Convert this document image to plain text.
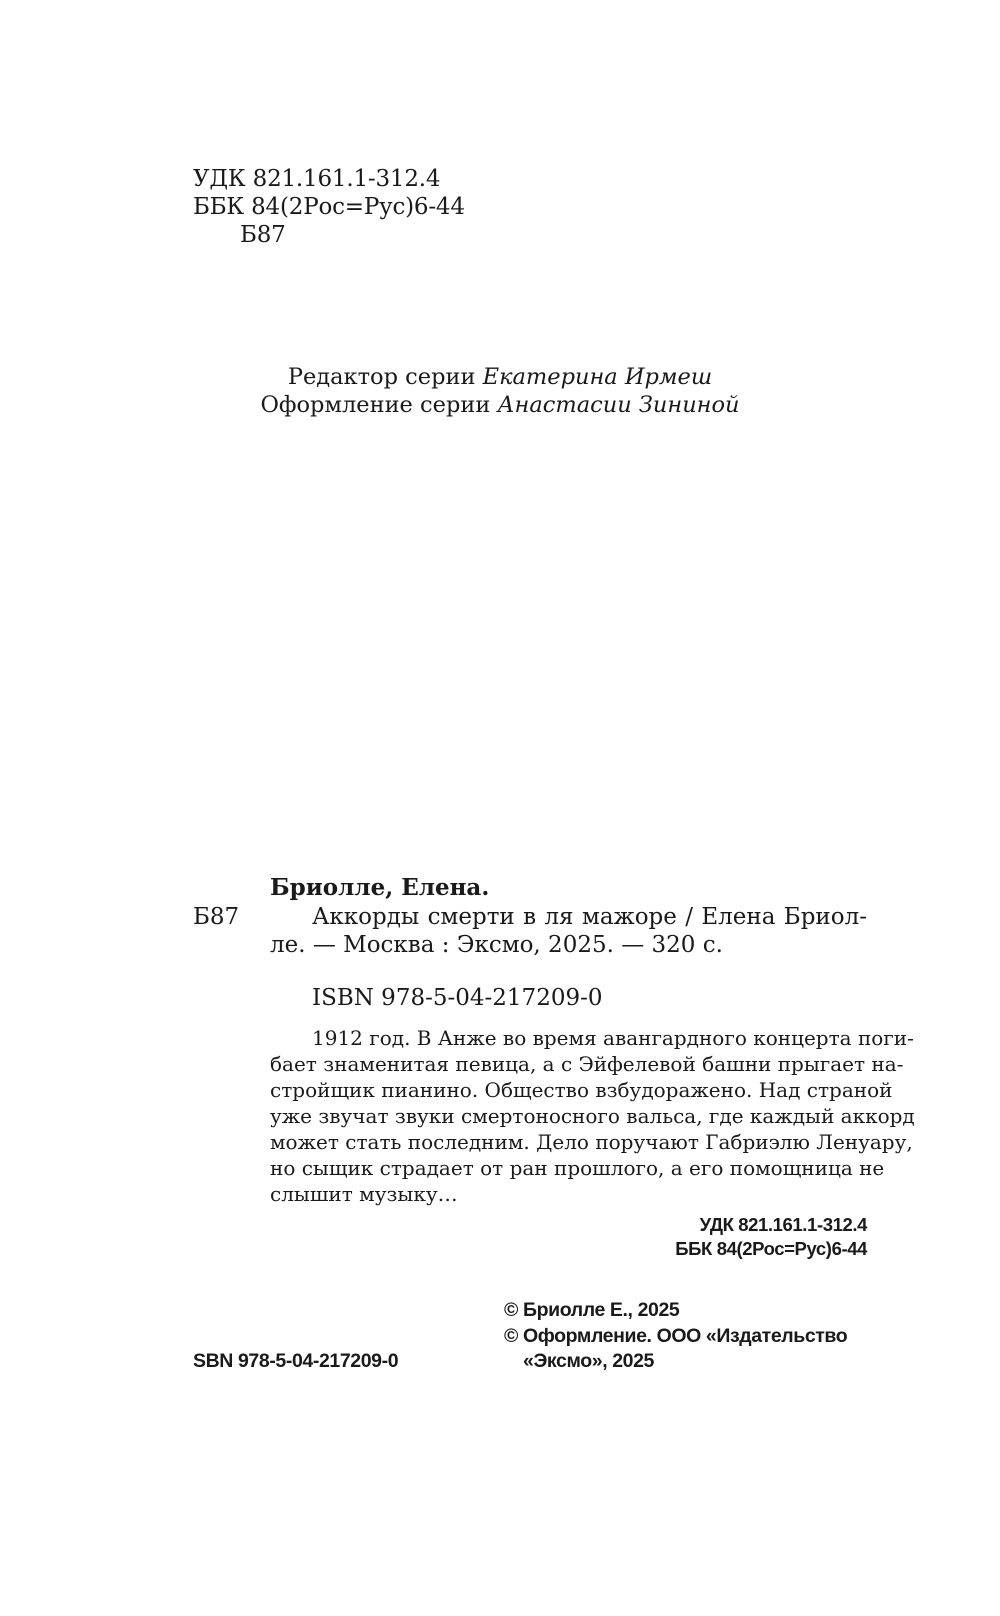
УДК 821.161.1-312.4
ББК 84(2Рос=Рус)6-44
Б87
Редактор серии Екатерина Ирмеш
Оформление серии Анастасии Зининой
Бриолле, Елена.
Б87	Аккорды смерти в ля мажоре / Елена Бриол-
ле. — Москва : Эксмо, 2025. — 320 с.
ISBN 978-5-04-217209-0
1912 год. В Анже во время авангардного концерта поги-
бает знаменитая певица, а с Эйфелевой башни прыгает на-
стройщик пианино. Общество взбудоражено. Над страной
уже звучат звуки смертоносного вальса, где каждый аккорд
может стать последним. Дело поручают Габриэлю Ленуару,
но сыщик страдает от ран прошлого, а его помощница не
слышит музыку…
УДК 821.161.1-312.4
ББК 84(2Рос=Рус)6-44
© Бриолле Е., 2025
SBN 978-5-04-217209-0
© Оформление. ООО «Издательство
«Эксмо», 2025
